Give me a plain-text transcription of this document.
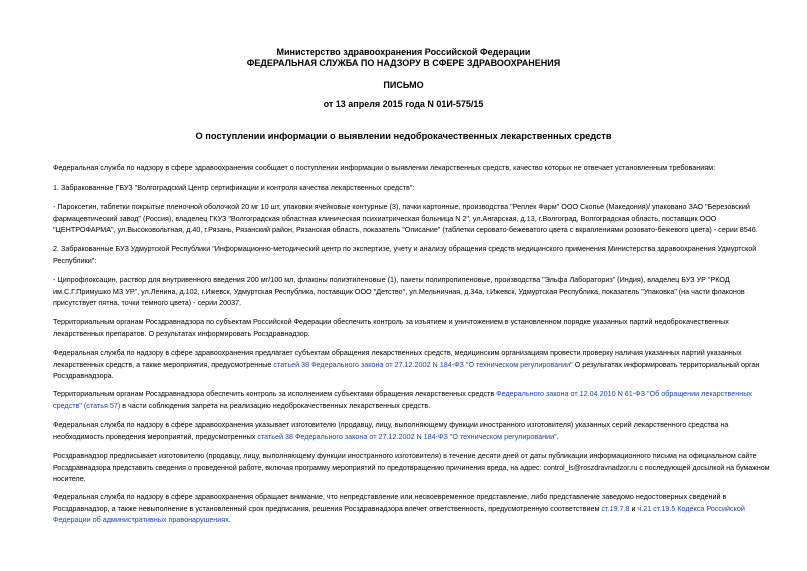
Министерство здравоохранения Российской Федерации
ФЕДЕРАЛЬНАЯ СЛУЖБА ПО НАДЗОРУ В СФЕРЕ ЗДРАВООХРАНЕНИЯ
ПИСЬМО
от 13 апреля 2015 года N 01И-575/15
О поступлении информации о выявлении недоброкачественных лекарственных средств
Федеральная служба по надзору в сфере здравоохранения сообщает о поступлении информации о выявлении лекарственных средств, качество которых не отвечает установленным требованиям:
1. Забракованные ГБУЗ "Волгоградский Центр сертификации и контроля качества лекарственных средств":
- Пароксетин, таблетки покрытые пленочной оболочкой 20 мг 10 шт, упаковки ячейковые контурные (3), пачки картонные, производства "Реплек Фарм" ООО Скопье (Македония)/ упаковано ЗАО "Березовский
фармацевтический завод" (Россия), владелец ГКУЗ "Волгоградская областная клиническая психиатрическая больница N 2", ул.Ангарская, д.13, г.Волгоград, Волгоградская область, поставщик ООО
"ЦЕНТРОФАРМА", ул.Высоковольтная, д.40, г.Рязань, Рязанский район, Рязанская область, показатель "Описание" (таблетки серовато-бежеватого цвета с вкраплениями розовато-бежевого цвета) - серии 8546.
2. Забракованные БУЗ Удмуртской Республики "Информационно-методический центр по экспертизе, учету и анализу обращения средств медицинского применения Министерства здравоохранения Удмуртской
Республики":
- Ципрофлоксацин, раствор для внутривенного введения 200 мг/100 мл, флаконы полиэтиленовые (1), пакеты полипропиленовые, производства "Эльфа Лабораториз" (Индия), владелец БУЗ УР "РКОД
им.С.Г.Примушко МЗ УР", ул.Ленина, д.102, г.Ижевск, Удмуртская Республика, поставщик ООО "Детство", ул.Мельничная, д.34а, г.Ижевск, Удмуртская Республика, показатель "Упаковка" (на части флаконов
присутствует пятна, точки темного цвета) - серии 20037.
Территориальным органам Росздравнадзора по субъектам Российской Федерации обеспечить контроль за изъятием и уничтожением в установленном порядке указанных партий недоброкачественных
лекарственных препаратов. О результатах информировать Росздравнадзор.
Федеральная служба по надзору в сфере здравоохранения предлагает субъектам обращения лекарственных средств, медицинским организациям провести проверку наличия указанных партий указанных
лекарственных средств, а также мероприятия, предусмотренные статьей 38 Федерального закона от 27.12.2002 N 184-ФЗ "О техническом регулировании" О результатах информировать территориальный орган
Росздравнадзора.
Территориальным органам Росздравнадзора обеспечить контроль за исполнением субъектами обращения лекарственных средств Федерального закона от 12.04.2010 N 61-ФЗ "Об обращении лекарственных
средств" (статья 57) в части соблюдения запрета на реализацию недоброкачественных лекарственных средств.
Федеральная служба по надзору в сфере здравоохранения указывает изготовителю (продавцу, лицу, выполняющему функции иностранного изготовителя) указанных серий лекарственного средства на
необходимость проведения мероприятий, предусмотренных статьей 38 Федерального закона от 27.12.2002 N 184-ФЗ "О техническом регулировании".
Росздравнадзор предписывает изготовителю (продавцу, лицу, выполняющему функции иностранного изготовителя) в течение десяти дней от даты публикации информационного письма на официальном сайте
Росздравнадзора представить сведения о проведенной работе, включая программу мероприятий по предотвращению причинения вреда, на адрес: control_ls@roszdravnadzor.ru с последующей досылкой на бумажном
носителе.
Федеральная служба по надзору в сфере здравоохранения обращает внимание, что непредставление или несвоевременное представление, либо представление заведомо недостоверных сведений в
Росздравнадзор, а также невыполнение в установленный срок предписания, решения Росздравнадзора влечет ответственность, предусмотренную соответствием ст.19.7.8 и ч.21 ст.19.5 Кодекса Российской
Федерации об административных правонарушениях.
